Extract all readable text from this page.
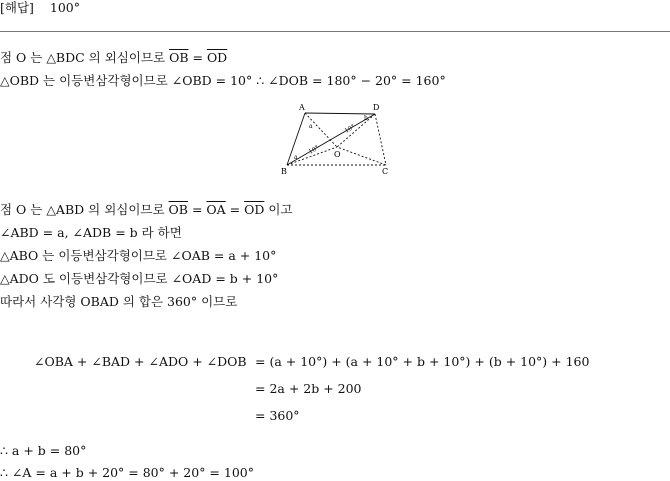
[해답] 100°
점 O 는 △BDC 의 외심이므로 $\overline{OB} = \overline{OD}$
△OBD 는 이등변삼각형이므로 ∠OBD = 10° ∴ ∠DOB = 180° − 20° = 160°
A	D
B	C
O
a
b
10°
10°
a
점 O 는 △ABD 의 외심이므로 $\overline{OB} = \overline{OA} = \overline{OD}$ 이고
∠ABD = a, ∠ADB = b 라 하면
△ABO 는 이등변삼각형이므로 ∠OAB = a + 10°
△ADO 도 이등변삼각형이므로 ∠OAD = b + 10°
따라서 사각형 OBAD 의 합은 360° 이므로
∠OBA + ∠BAD + ∠ADO + ∠DOB = (a + 10°) + (a + 10° + b + 10°) + (b + 10°) + 160
= 2a + 2b + 200
= 360°
∴ a + b = 80°
∴ ∠A = a + b + 20° = 80° + 20° = 100°
